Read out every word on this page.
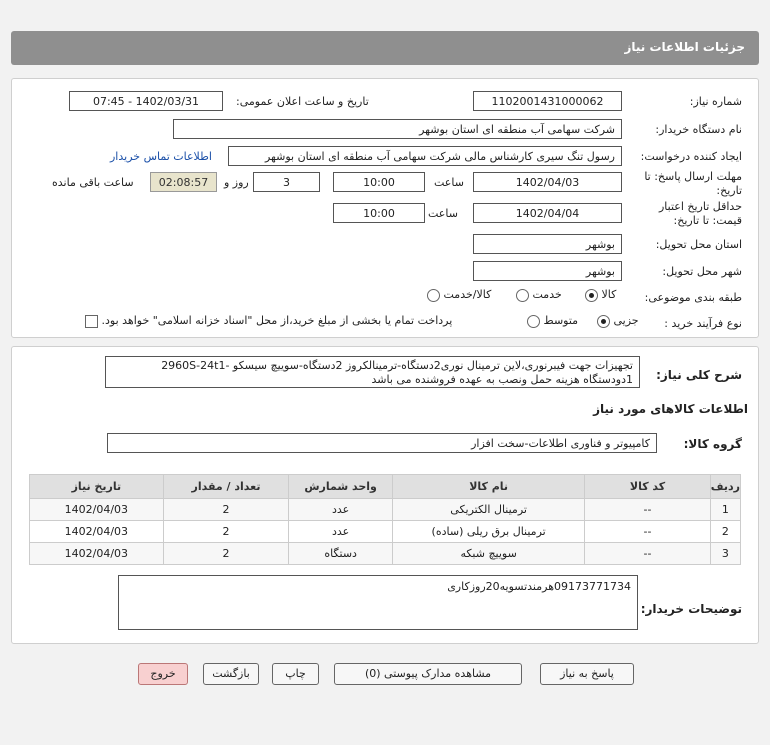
جزئیات اطلاعات نیاز
شماره نیاز:
1102001431000062
تاریخ و ساعت اعلان عمومی:
1402/03/31 - 07:45
نام دستگاه خریدار:
شرکت سهامی آب منطقه ای استان بوشهر
ایجاد کننده درخواست:
رسول تنگ سیری کارشناس مالی شرکت سهامی آب منطقه ای استان بوشهر
اطلاعات تماس خریدار
مهلت ارسال پاسخ: تا
تاریخ:
1402/04/03
ساعت
10:00
3
روز و
02:08:57
ساعت باقی مانده
حداقل تاریخ اعتبار
قیمت: تا تاریخ:
1402/04/04
ساعت
10:00
استان محل تحویل:
بوشهر
شهر محل تحویل:
بوشهر
طبقه بندی موضوعی:
کالا
خدمت
کالا/خدمت
نوع فرآیند خرید :
جزیی
متوسط
پرداخت تمام یا بخشی از مبلغ خرید،از محل "اسناد خزانه اسلامی" خواهد بود.
شرح کلی نیاز:
تجهیزات جهت فیبرنوری،لاین ترمینال نوری2دستگاه-ترمینالکروز 2دستگاه-سوییچ سیسکو -2960S-24t1
1دودستگاه هزینه حمل ونصب به عهده فروشنده می باشد
اطلاعات کالاهای مورد نیاز
گروه کالا:
کامپیوتر و فناوری اطلاعات-سخت افزار
ردیف	کد کالا	نام کالا	واحد شمارش	تعداد / مقدار	تاریخ نیاز
1	--	ترمینال الکتریکی	عدد	2	1402/04/03
2	--	ترمینال برق ریلی (ساده)	عدد	2	1402/04/03
3	--	سوییچ شبکه	دستگاه	2	1402/04/03
توضیحات خریدار:
09173771734هرمندتسویه20روزکاری
پاسخ به نیاز
مشاهده مدارک پیوستی (0)
چاپ
بازگشت
خروج
